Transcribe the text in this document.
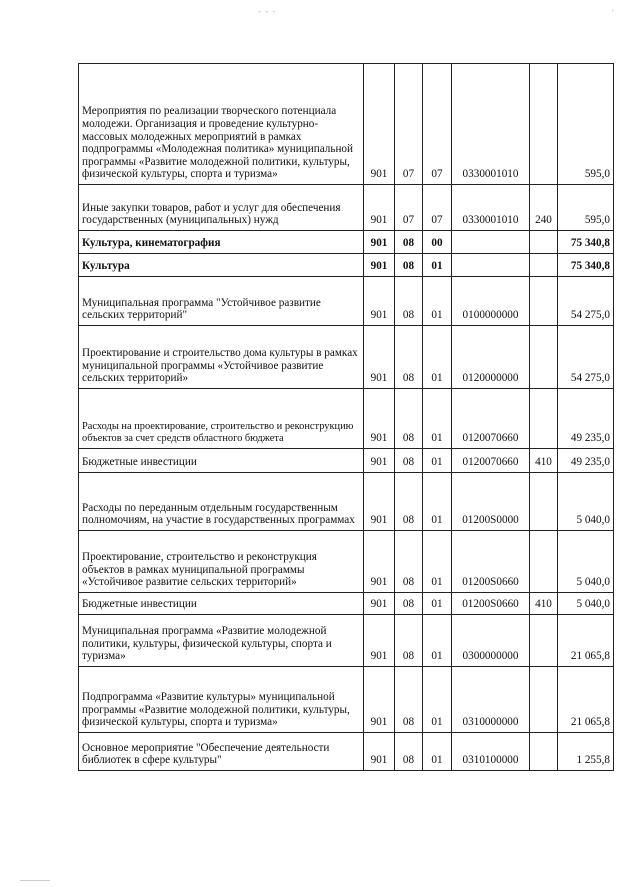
- - -	'
Мероприятия по реализации творческого потенциала молодежи. Организация и проведение культурно-массовых молодежных мероприятий в рамках подпрограммы «Молодежная политика» муниципальной программы «Развитие молодежной политики, культуры, физической культуры, спорта и туризма»	901	07	07	0330001010		595,0
Иные закупки товаров, работ и услуг для обеспечения государственных (муниципальных) нужд	901	07	07	0330001010	240	595,0
Культура, кинематография	901	08	00			75 340,8
Культура	901	08	01			75 340,8
Муниципальная программа "Устойчивое развитие сельских территорий"	901	08	01	0100000000		54 275,0
Проектирование и строительство дома культуры в рамках муниципальной программы «Устойчивое развитие сельских территорий»	901	08	01	0120000000		54 275,0
Расходы на проектирование, строительство и реконструкцию объектов за счет средств областного бюджета	901	08	01	0120070660		49 235,0
Бюджетные инвестиции	901	08	01	0120070660	410	49 235,0
Расходы по переданным отдельным государственным полномочиям, на участие в государственных программах	901	08	01	01200S0000		5 040,0
Проектирование, строительство и реконструкция объектов в рамках муниципальной программы «Устойчивое развитие сельских территорий»	901	08	01	01200S0660		5 040,0
Бюджетные инвестиции	901	08	01	01200S0660	410	5 040,0
Муниципальная программа «Развитие молодежной политики, культуры, физической культуры, спорта и туризма»	901	08	01	0300000000		21 065,8
Подпрограмма «Развитие культуры» муниципальной программы «Развитие молодежной политики, культуры, физической культуры, спорта и туризма»	901	08	01	0310000000		21 065,8
Основное мероприятие "Обеспечение деятельности библиотек в сфере культуры"	901	08	01	0310100000		1 255,8
